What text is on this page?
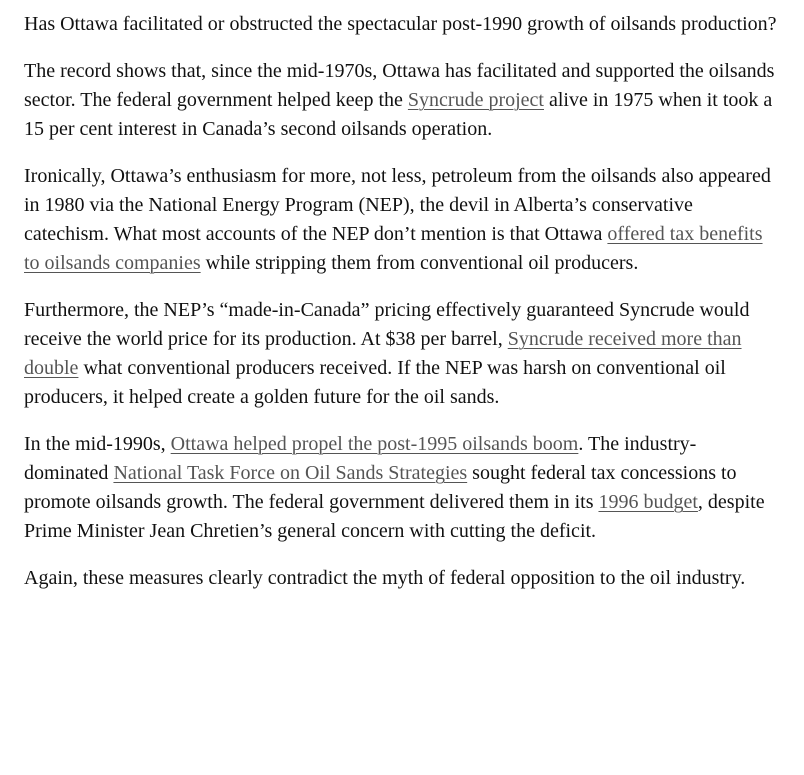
Has Ottawa facilitated or obstructed the spectacular post-1990 growth of oilsands production?

The record shows that, since the mid-1970s, Ottawa has facilitated and supported the oilsands sector. The federal government helped keep the Syncrude project alive in 1975 when it took a 15 per cent interest in Canada’s second oilsands operation.

Ironically, Ottawa’s enthusiasm for more, not less, petroleum from the oilsands also appeared in 1980 via the National Energy Program (NEP), the devil in Alberta’s conservative catechism. What most accounts of the NEP don’t mention is that Ottawa offered tax benefits to oilsands companies while stripping them from conventional oil producers.

Furthermore, the NEP’s “made-in-Canada” pricing effectively guaranteed Syncrude would receive the world price for its production. At $38 per barrel, Syncrude received more than double what conventional producers received. If the NEP was harsh on conventional oil producers, it helped create a golden future for the oil sands.

In the mid-1990s, Ottawa helped propel the post-1995 oilsands boom. The industry-dominated National Task Force on Oil Sands Strategies sought federal tax concessions to promote oilsands growth. The federal government delivered them in its 1996 budget, despite Prime Minister Jean Chretien’s general concern with cutting the deficit.

Again, these measures clearly contradict the myth of federal opposition to the oil industry.
